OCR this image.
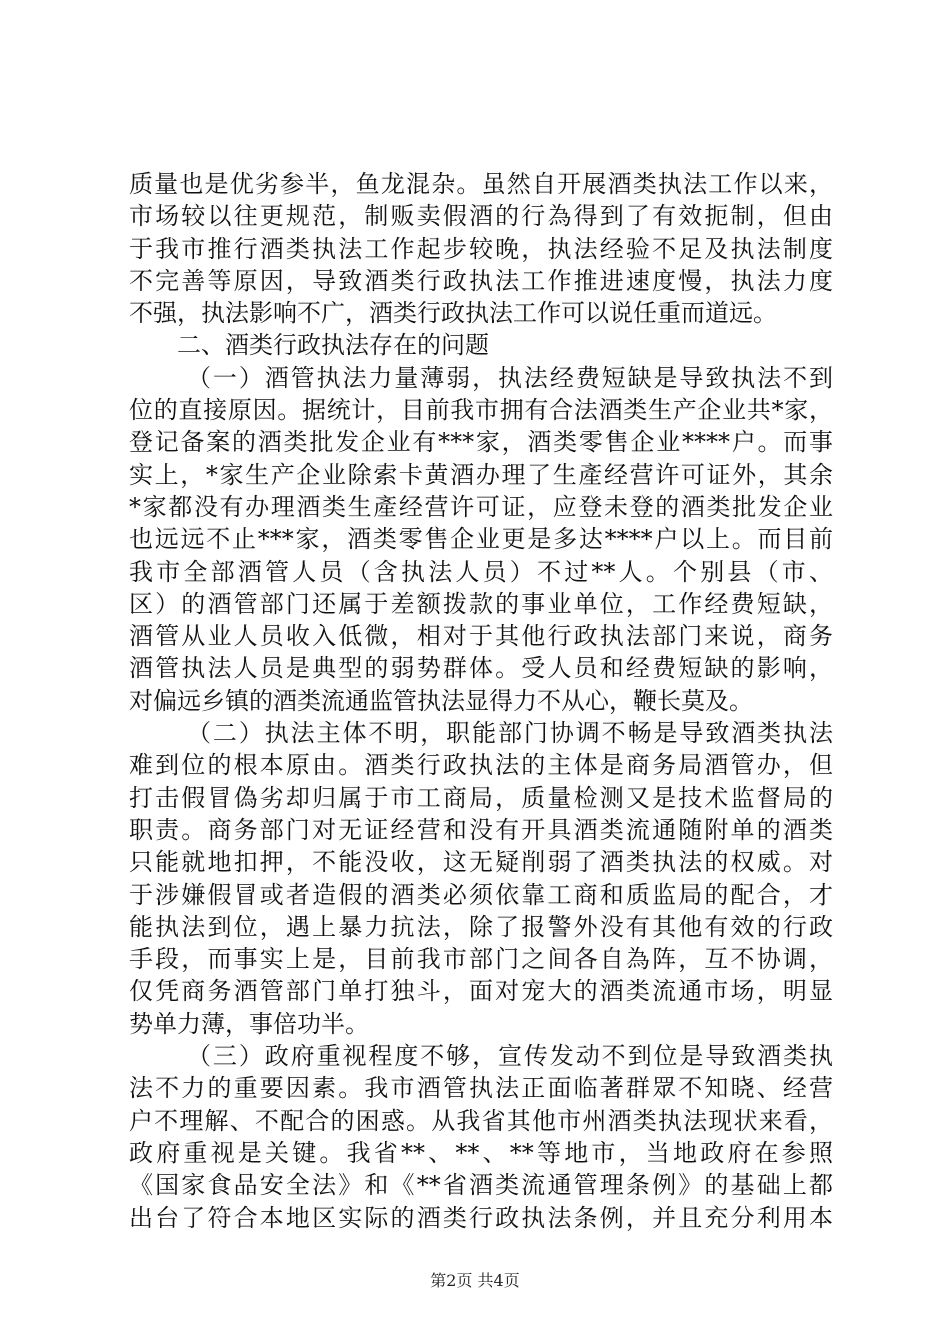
质量也是优劣参半，鱼龙混杂。虽然自开展酒类执法工作以来，
市场较以往更规范，制贩卖假酒的行為得到了有效扼制，但由
于我市推行酒类执法工作起步较晚，执法经验不足及执法制度
不完善等原因，导致酒类行政执法工作推进速度慢，执法力度
不强，执法影响不广，酒类行政执法工作可以说任重而道远。
二、酒类行政执法存在的问题
（一）酒管执法力量薄弱，执法经费短缺是导致执法不到
位的直接原因。据统计，目前我市拥有合法酒类生产企业共*家，
登记备案的酒类批发企业有***家，酒类零售企业****户。而事
实上，*家生产企业除索卡黄酒办理了生產经营许可证外，其余
*家都没有办理酒类生產经营许可证，应登未登的酒类批发企业
也远远不止***家，酒类零售企业更是多达****户以上。而目前
我市全部酒管人员（含执法人员）不过**人。个别县（市、
区）的酒管部门还属于差额拨款的事业单位，工作经费短缺，
酒管从业人员收入低微，相对于其他行政执法部门来说，商务
酒管执法人员是典型的弱势群体。受人员和经费短缺的影响，
对偏远乡镇的酒类流通监管执法显得力不从心，鞭长莫及。
（二）执法主体不明，职能部门协调不畅是导致酒类执法
难到位的根本原由。酒类行政执法的主体是商务局酒管办，但
打击假冒偽劣却归属于市工商局，质量检测又是技术监督局的
职责。商务部门对无证经营和没有开具酒类流通随附单的酒类
只能就地扣押，不能没收，这无疑削弱了酒类执法的权威。对
于涉嫌假冒或者造假的酒类必须依靠工商和质监局的配合，才
能执法到位，遇上暴力抗法，除了报警外没有其他有效的行政
手段，而事实上是，目前我市部门之间各自為阵，互不协调，
仅凭商务酒管部门单打独斗，面对宠大的酒类流通市场，明显
势单力薄，事倍功半。
（三）政府重视程度不够，宣传发动不到位是导致酒类执
法不力的重要因素。我市酒管执法正面临著群眾不知晓、经营
户不理解、不配合的困惑。从我省其他市州酒类执法现状来看，
政府重视是关键。我省**、**、**等地市，当地政府在参照
《国家食品安全法》和《**省酒类流通管理条例》的基础上都
出台了符合本地区实际的酒类行政执法条例，并且充分利用本
第2页 共4页
